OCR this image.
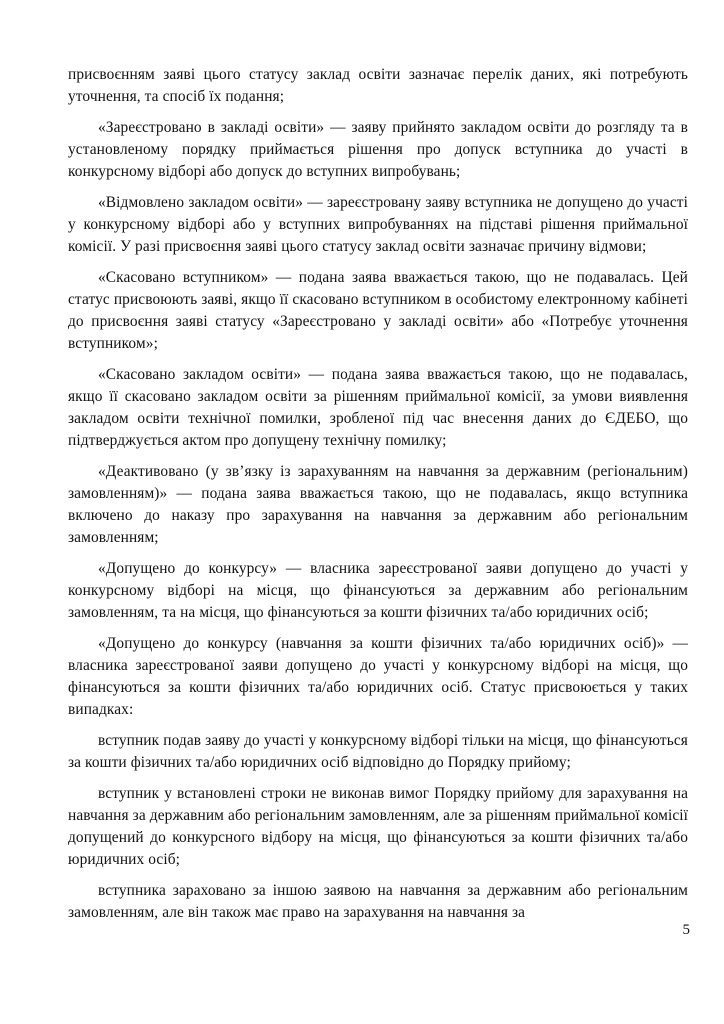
присвоєнням заяві цього статусу заклад освіти зазначає перелік даних, які потребують уточнення, та спосіб їх подання;

«Зареєстровано в закладі освіти» — заяву прийнято закладом освіти до розгляду та в установленому порядку приймається рішення про допуск вступника до участі в конкурсному відборі або допуск до вступних випробувань;

«Відмовлено закладом освіти» — зареєстровану заяву вступника не допущено до участі у конкурсному відборі або у вступних випробуваннях на підставі рішення приймальної комісії. У разі присвоєння заяві цього статусу заклад освіти зазначає причину відмови;

«Скасовано вступником» — подана заява вважається такою, що не подавалась. Цей статус присвоюють заяві, якщо її скасовано вступником в особистому електронному кабінеті до присвоєння заяві статусу «Зареєстровано у закладі освіти» або «Потребує уточнення вступником»;

«Скасовано закладом освіти» — подана заява вважається такою, що не подавалась, якщо її скасовано закладом освіти за рішенням приймальної комісії, за умови виявлення закладом освіти технічної помилки, зробленої під час внесення даних до ЄДЕБО, що підтверджується актом про допущену технічну помилку;

«Деактивовано (у зв’язку із зарахуванням на навчання за державним (регіональним) замовленням)» — подана заява вважається такою, що не подавалась, якщо вступника включено до наказу про зарахування на навчання за державним або регіональним замовленням;

«Допущено до конкурсу» — власника зареєстрованої заяви допущено до участі у конкурсному відборі на місця, що фінансуються за державним або регіональним замовленням, та на місця, що фінансуються за кошти фізичних та/або юридичних осіб;

«Допущено до конкурсу (навчання за кошти фізичних та/або юридичних осіб)» — власника зареєстрованої заяви допущено до участі у конкурсному відборі на місця, що фінансуються за кошти фізичних та/або юридичних осіб. Статус присвоюється у таких випадках:

вступник подав заяву до участі у конкурсному відборі тільки на місця, що фінансуються за кошти фізичних та/або юридичних осіб відповідно до Порядку прийому;

вступник у встановлені строки не виконав вимог Порядку прийому для зарахування на навчання за державним або регіональним замовленням, але за рішенням приймальної комісії допущений до конкурсного відбору на місця, що фінансуються за кошти фізичних та/або юридичних осіб;

вступника зараховано за іншою заявою на навчання за державним або регіональним замовленням, але він також має право на зарахування на навчання за

5
